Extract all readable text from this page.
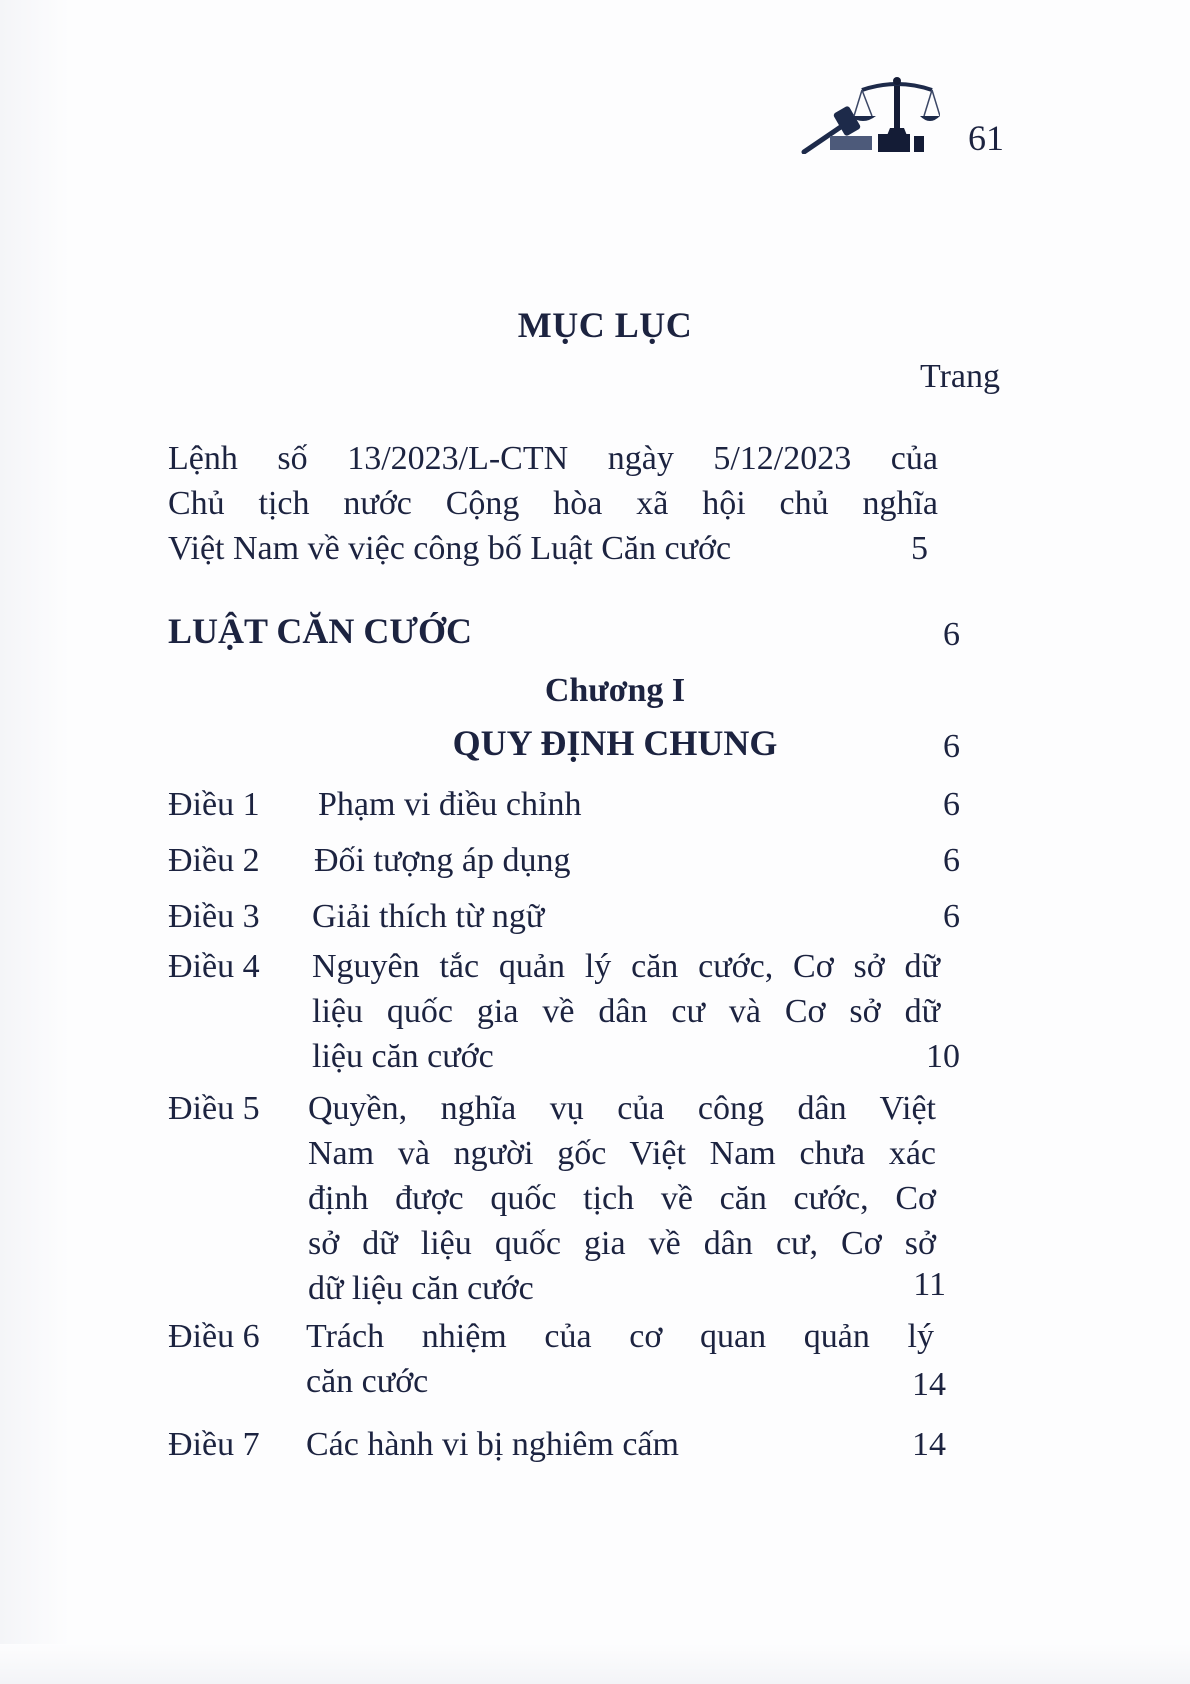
61
MỤC LỤC
Trang
Lệnh số 13/2023/L-CTN ngày 5/12/2023 của
Chủ tịch nước Cộng hòa xã hội chủ nghĩa
Việt Nam về việc công bố Luật Căn cước	5
LUẬT CĂN CƯỚC	6
Chương I
QUY ĐỊNH CHUNG	6
Điều 1	Phạm vi điều chỉnh	6
Điều 2	Đối tượng áp dụng	6
Điều 3	Giải thích từ ngữ	6
Điều 4	Nguyên tắc quản lý căn cước, Cơ sở dữ
liệu quốc gia về dân cư và Cơ sở dữ
liệu căn cước	10
Điều 5	Quyền, nghĩa vụ của công dân Việt
Nam và người gốc Việt Nam chưa xác
định được quốc tịch về căn cước, Cơ
sở dữ liệu quốc gia về dân cư, Cơ sở
dữ liệu căn cước	11
Điều 6	Trách nhiệm của cơ quan quản lý
căn cước	14
Điều 7	Các hành vi bị nghiêm cấm	14
